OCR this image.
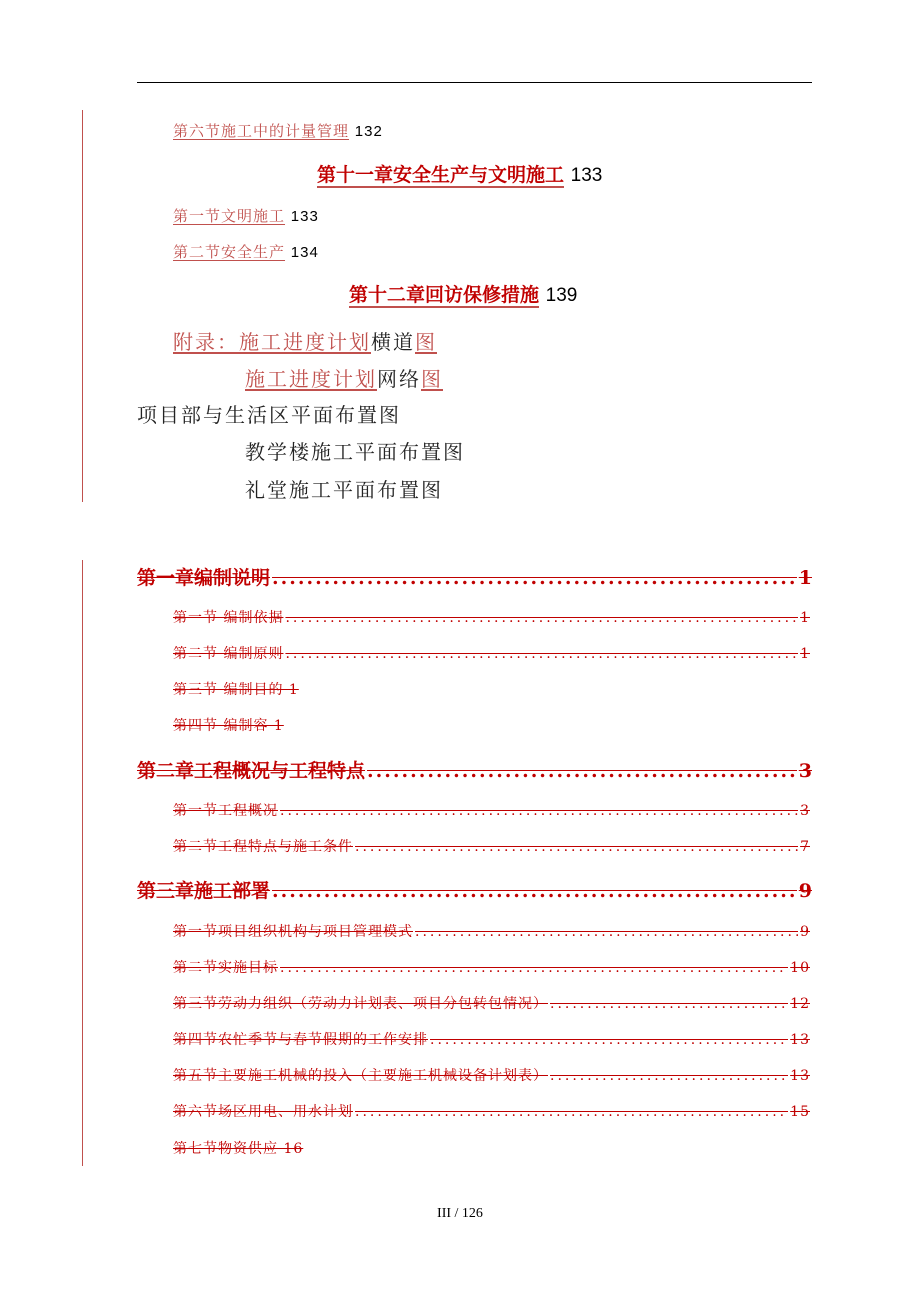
第六节施工中的计量管理 132
第十一章安全生产与文明施工 133
第一节文明施工 133
第二节安全生产 134
第十二章回访保修措施 139
附录：施工进度计划横道图
施工进度计划网络图
项目部与生活区平面布置图
教学楼施工平面布置图
礼堂施工平面布置图
第一章编制说明 .....	1
第一节 编制依据 .....	1
第二节 编制原则 .....	1
第三节 编制目的 1
第四节 编制容 1
第二章工程概况与工程特点 .....	3
第一节工程概况 .....	3
第二节工程特点与施工条件 .....	7
第三章施工部署 .....	9
第一节项目组织机构与项目管理模式 .....	9
第二节实施目标 .....	10
第三节劳动力组织（劳动力计划表、项目分包转包情况） .....	12
第四节农忙季节与春节假期的工作安排 .....	13
第五节主要施工机械的投入（主要施工机械设备计划表） .....	13
第六节场区用电、用水计划 .....	15
第七节物资供应 16
III / 126
